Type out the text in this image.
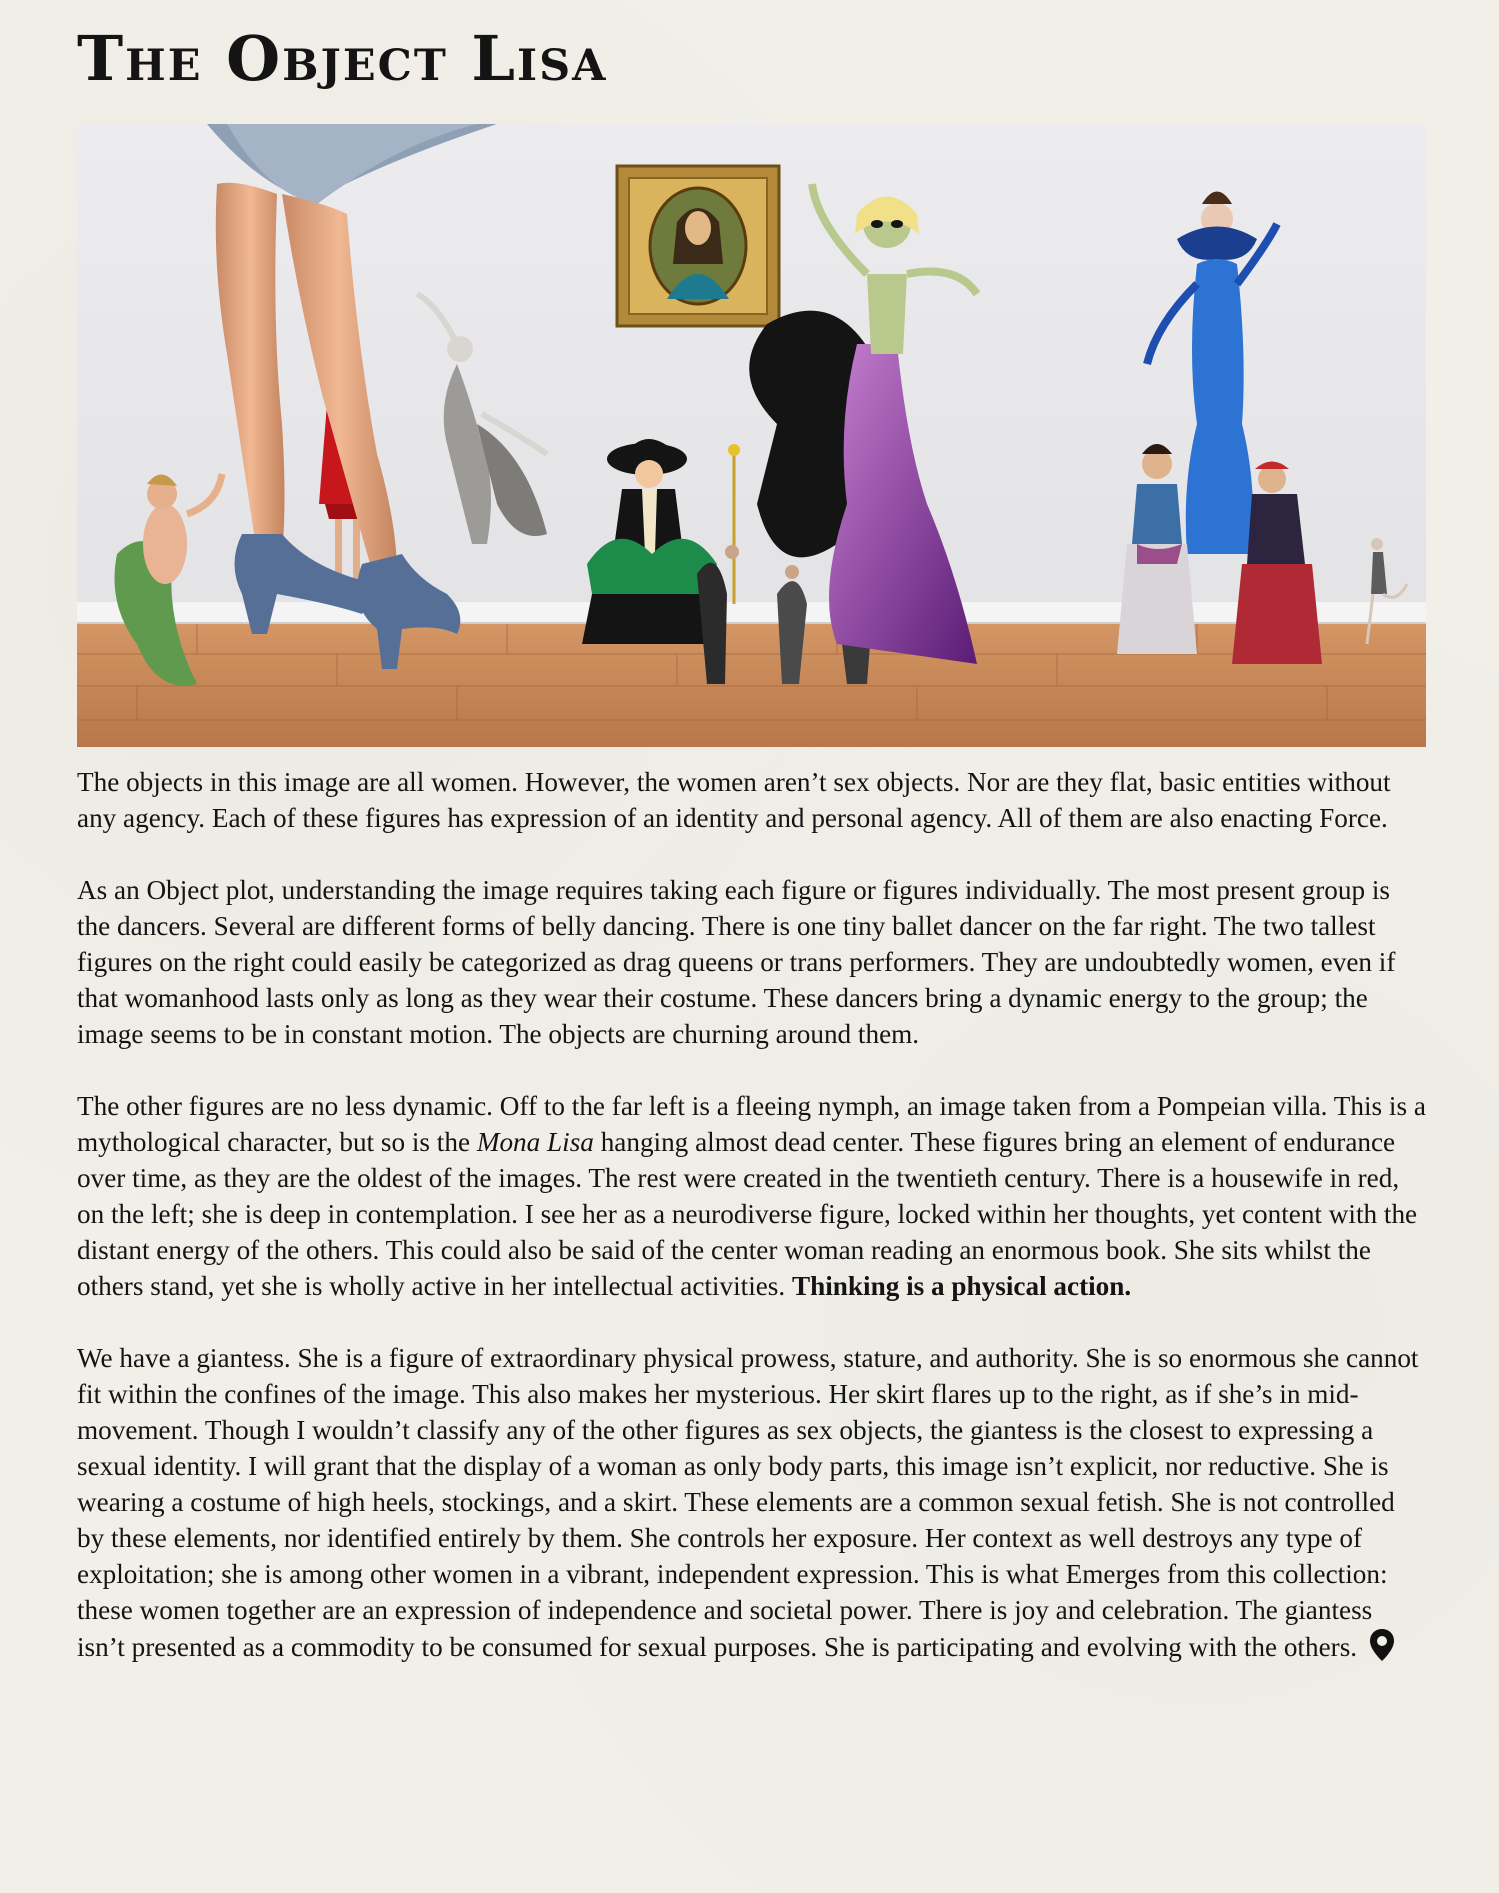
The Object Lisa

The objects in this image are all women. However, the women aren’t sex objects. Nor are they flat, basic entities without any agency. Each of these figures has expression of an identity and personal agency. All of them are also enacting Force.

As an Object plot, understanding the image requires taking each figure or figures individually. The most present group is the dancers. Several are different forms of belly dancing. There is one tiny ballet dancer on the far right. The two tallest figures on the right could easily be categorized as drag queens or trans performers. They are undoubtedly women, even if that womanhood lasts only as long as they wear their costume. These dancers bring a dynamic energy to the group; the image seems to be in constant motion. The objects are churning around them.

The other figures are no less dynamic. Off to the far left is a fleeing nymph, an image taken from a Pompeian villa. This is a mythological character, but so is the Mona Lisa hanging almost dead center. These figures bring an element of endurance over time, as they are the oldest of the images. The rest were created in the twentieth century. There is a housewife in red, on the left; she is deep in contemplation. I see her as a neurodiverse figure, locked within her thoughts, yet content with the distant energy of the others. This could also be said of the center woman reading an enormous book. She sits whilst the others stand, yet she is wholly active in her intellectual activities. Thinking is a physical action.

We have a giantess. She is a figure of extraordinary physical prowess, stature, and authority. She is so enormous she cannot fit within the confines of the image. This also makes her mysterious. Her skirt flares up to the right, as if she’s in mid-movement. Though I wouldn’t classify any of the other figures as sex objects, the giantess is the closest to expressing a sexual identity. I will grant that the display of a woman as only body parts, this image isn’t explicit, nor reductive. She is wearing a costume of high heels, stockings, and a skirt. These elements are a common sexual fetish. She is not controlled by these elements, nor identified entirely by them. She controls her exposure. Her context as well destroys any type of exploitation; she is among other women in a vibrant, independent expression. This is what Emerges from this collection: these women together are an expression of independence and societal power. There is joy and celebration. The giantess isn’t presented as a commodity to be consumed for sexual purposes. She is participating and evolving with the others.
